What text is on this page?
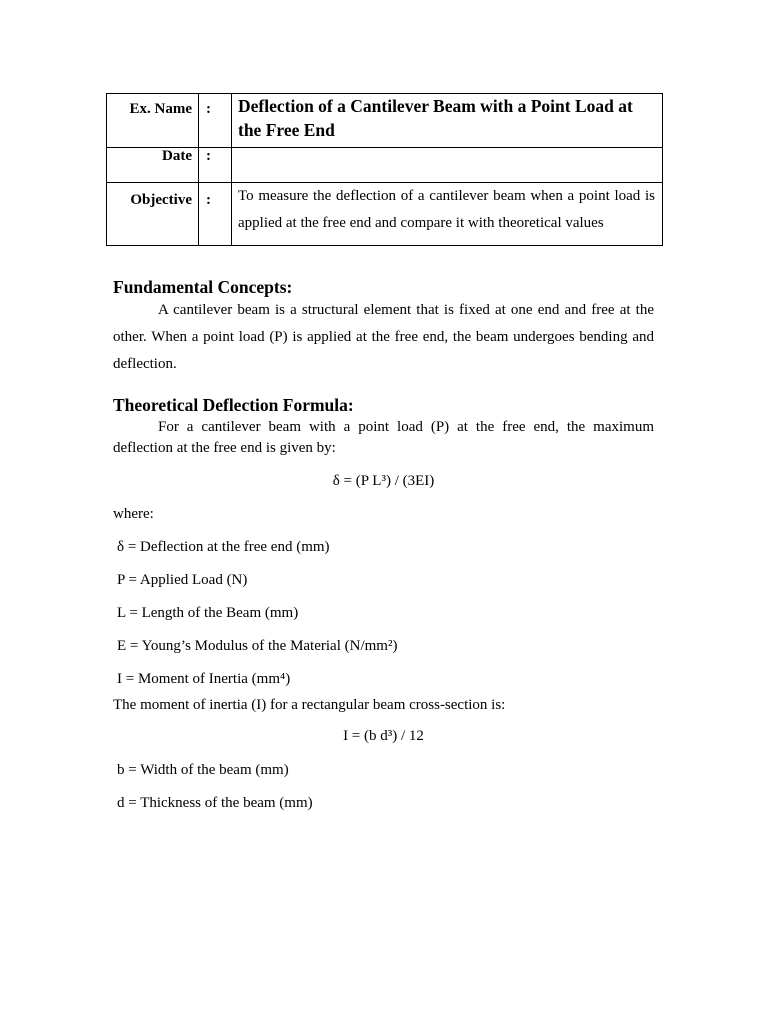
Ex. Name	:	Deflection of a Cantilever Beam with a Point Load at the Free End
Date	:	
Objective	:	To measure the deflection of a cantilever beam when a point load is applied at the free end and compare it with theoretical values
Fundamental Concepts:

A cantilever beam is a structural element that is fixed at one end and free at the other. When a point load (P) is applied at the free end, the beam undergoes bending and deflection.

Theoretical Deflection Formula:

For a cantilever beam with a point load (P) at the free end, the maximum deflection at the free end is given by:

δ = (P L³) / (3EI)

where:

δ = Deflection at the free end (mm)

P = Applied Load (N)

L = Length of the Beam (mm)

E = Young’s Modulus of the Material (N/mm²)

I = Moment of Inertia (mm⁴)

The moment of inertia (I) for a rectangular beam cross-section is:

I = (b d³) / 12

b = Width of the beam (mm)

d = Thickness of the beam (mm)
